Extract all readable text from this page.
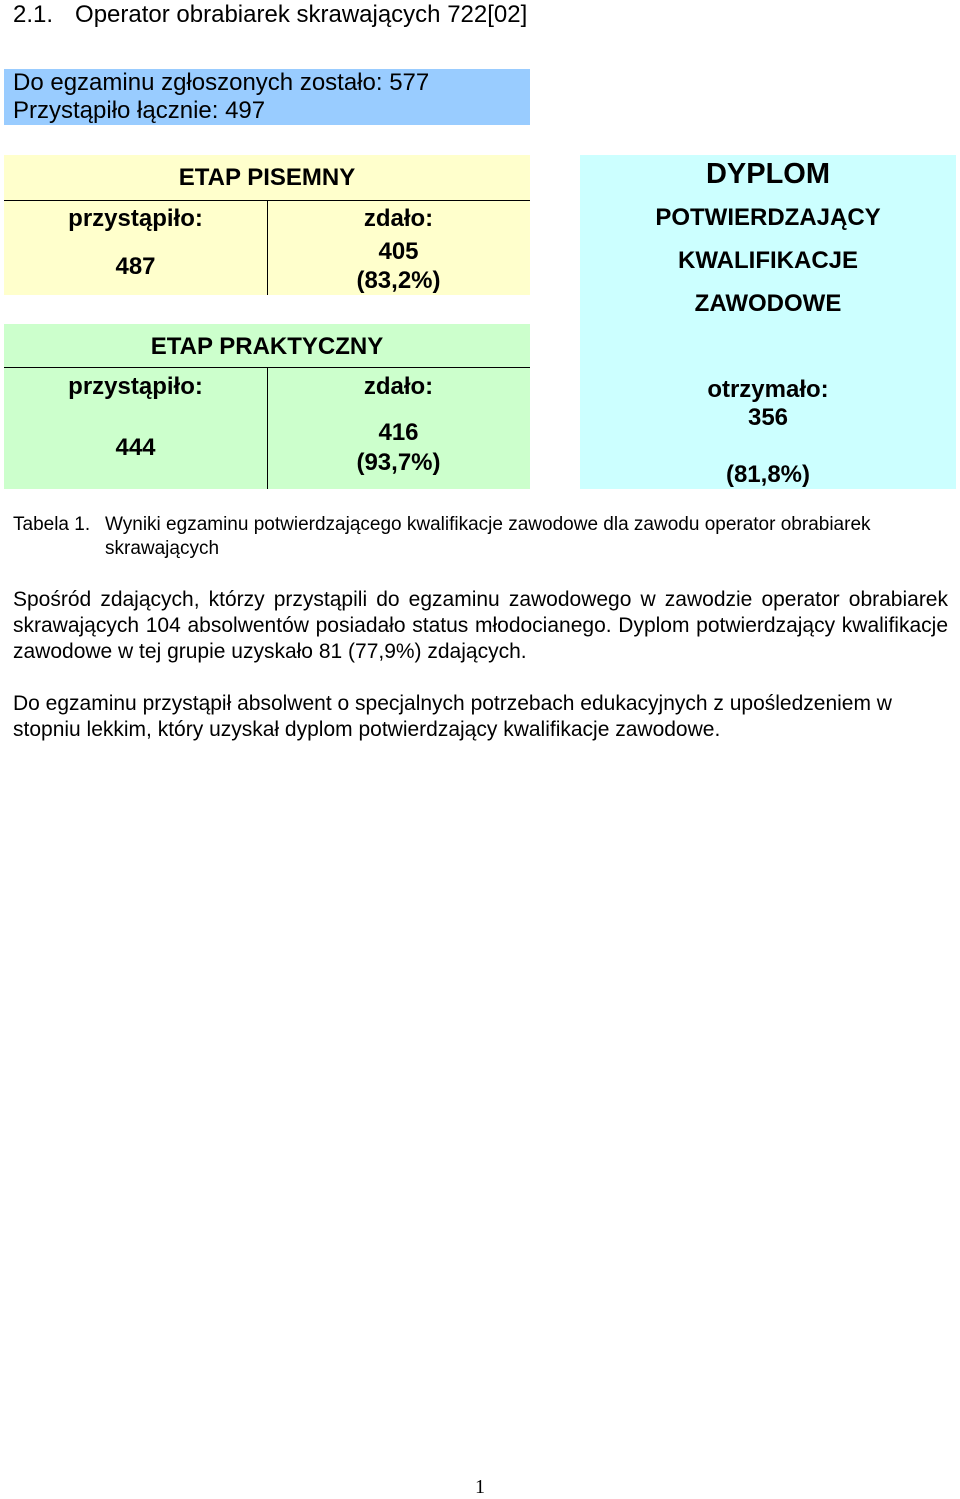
2.1. Operator obrabiarek skrawających 722[02]
Do egzaminu zgłoszonych zostało: 577
Przystąpiło łącznie: 497
ETAP PISEMNY
przystąpiło:
487
zdało:
405
(83,2%)
ETAP PRAKTYCZNY
przystąpiło:
444
zdało:
416
(93,7%)
DYPLOM
POTWIERDZAJĄCY
KWALIFIKACJE
ZAWODOWE
otrzymało:
356
(81,8%)
Tabela 1. Wyniki egzaminu potwierdzającego kwalifikacje zawodowe dla zawodu operator obrabiarek skrawających
Spośród zdających, którzy przystąpili do egzaminu zawodowego w zawodzie operator obrabiarek skrawających 104 absolwentów posiadało status młodocianego. Dyplom potwierdzający kwalifikacje zawodowe w tej grupie uzyskało 81 (77,9%) zdających.
Do egzaminu przystąpił absolwent o specjalnych potrzebach edukacyjnych z upośledzeniem w stopniu lekkim, który uzyskał dyplom potwierdzający kwalifikacje zawodowe.
1
